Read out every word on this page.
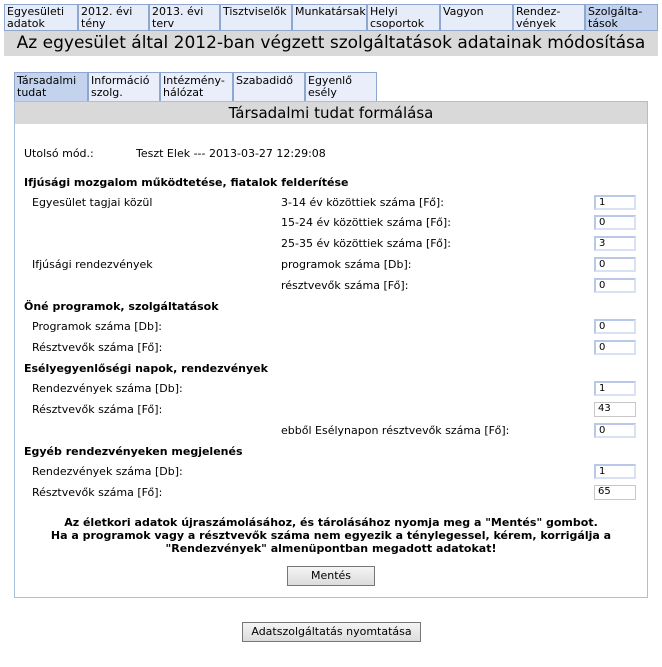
Egyesületi
adatok
2012. évi
tény
2013. évi
terv
Tisztviselők Munkatársak Helyi
csoportok
Vagyon	Rendez-
vények
Szolgálta-
tások
Az egyesület által 2012-ban végzett szolgáltatások adatainak módosítása
Társadalmi
tudat
Információ
szolg.
Intézmény-
hálózat
Szabadidő	Egyenlő
esély
Társadalmi tudat formálása
Utolsó mód.:	Teszt Elek --- 2013-03-27 12:29:08
Ifjúsági mozgalom működtetése, fiatalok felderítése
Egyesület tagjai közül	3-14 év közöttiek száma [Fő]:	1
15-24 év közöttiek száma [Fő]:	0
25-35 év közöttiek száma [Fő]:	3
Ifjúsági rendezvények	programok száma [Db]:	0
résztvevők száma [Fő]:	0
Öné programok, szolgáltatások
Programok száma [Db]:	0
Résztvevők száma [Fő]:	0
Esélyegyenlőségi napok, rendezvények
Rendezvények száma [Db]:	1
Résztvevők száma [Fő]:	43
ebből Esélynapon résztvevők száma [Fő]:	0
Egyéb rendezvényeken megjelenés
Rendezvények száma [Db]:	1
Résztvevők száma [Fő]:	65
Az életkori adatok újraszámolásához, és tárolásához nyomja meg a "Mentés" gombot.
Ha a programok vagy a résztvevők száma nem egyezik a ténylegessel, kérem, korrigálja a
"Rendezvények" almenüpontban megadott adatokat!
Mentés
Adatszolgáltatás nyomtatása
